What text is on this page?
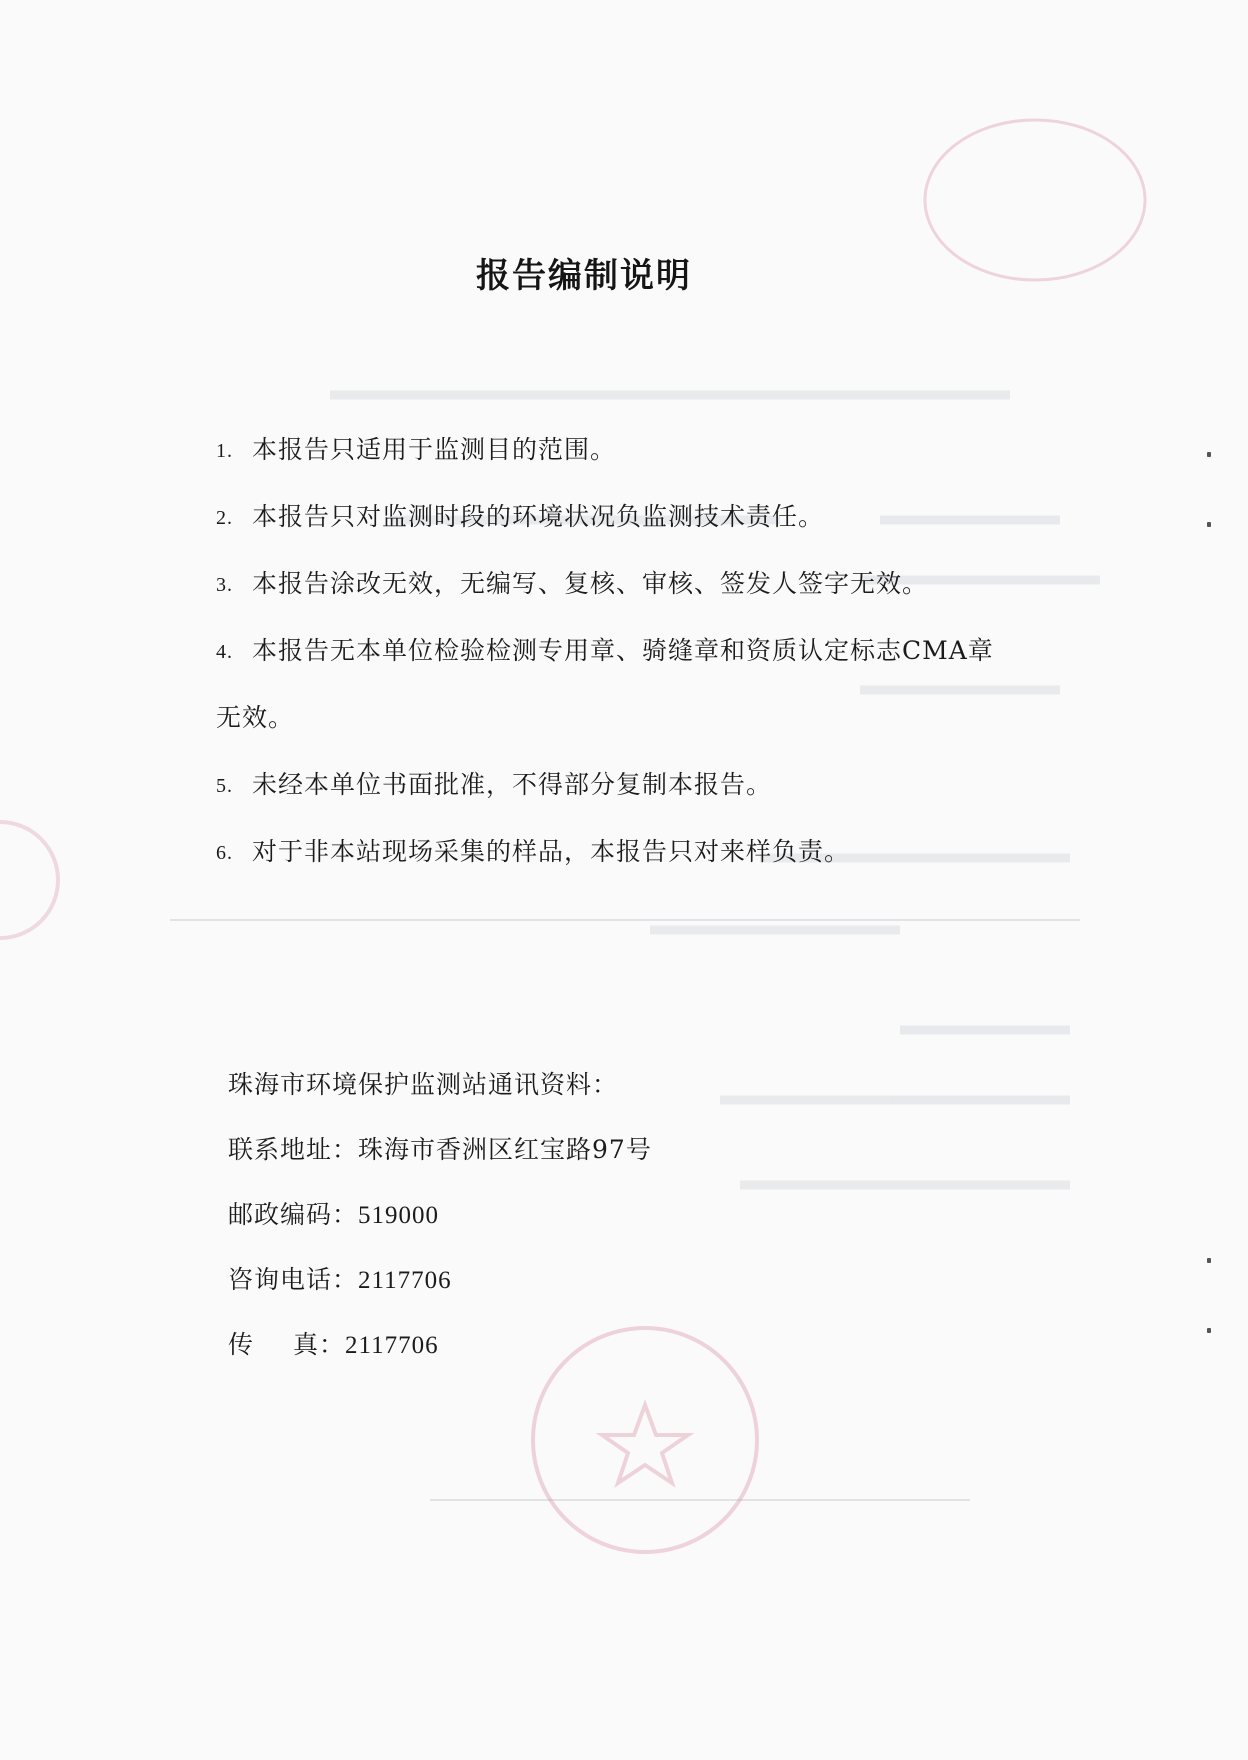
报告编制说明
1. 本报告只适用于监测目的范围。
2. 本报告只对监测时段的环境状况负监测技术责任。
3. 本报告涂改无效，无编写、复核、审核、签发人签字无效。
4. 本报告无本单位检验检测专用章、骑缝章和资质认定标志CMA章
无效。
5. 未经本单位书面批准，不得部分复制本报告。
6. 对于非本站现场采集的样品，本报告只对来样负责。
珠海市环境保护监测站通讯资料：
联系地址：珠海市香洲区红宝路97号
邮政编码：519000
咨询电话：2117706
传真：2117706
